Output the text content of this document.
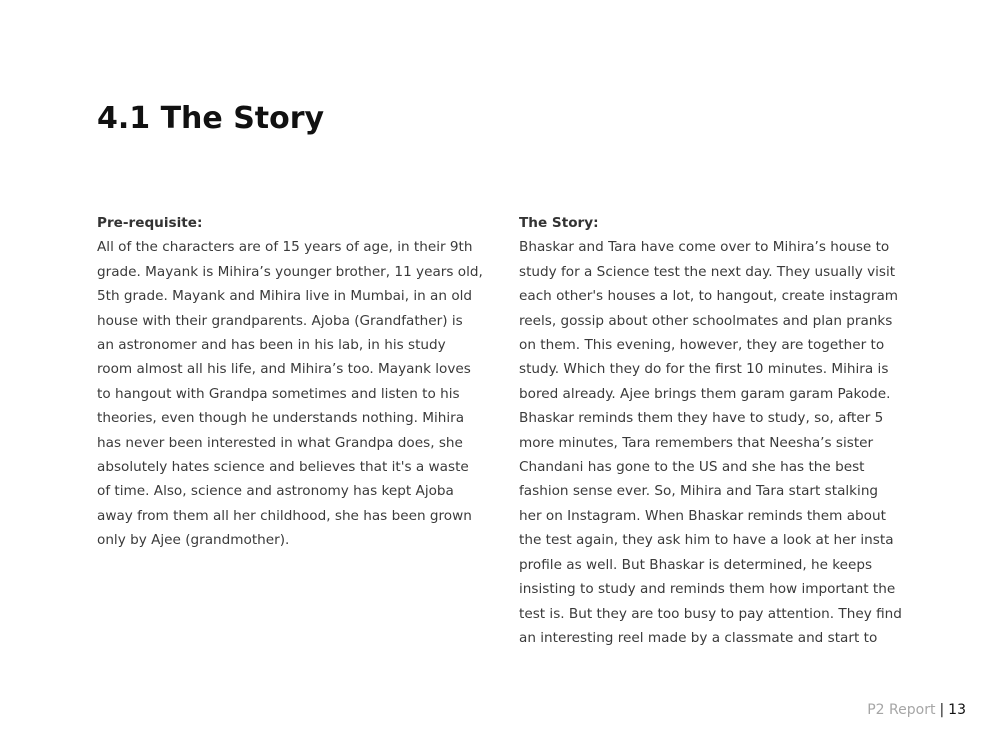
4.1 The Story
Pre-requisite:
All of the characters are of 15 years of age, in their 9th
grade. Mayank is Mihira’s younger brother, 11 years old,
5th grade. Mayank and Mihira live in Mumbai, in an old
house with their grandparents. Ajoba (Grandfather) is
an astronomer and has been in his lab, in his study
room almost all his life, and Mihira’s too. Mayank loves
to hangout with Grandpa sometimes and listen to his
theories, even though he understands nothing. Mihira
has never been interested in what Grandpa does, she
absolutely hates science and believes that it's a waste
of time. Also, science and astronomy has kept Ajoba
away from them all her childhood, she has been grown
only by Ajee (grandmother).
The Story:
Bhaskar and Tara have come over to Mihira’s house to
study for a Science test the next day. They usually visit
each other's houses a lot, to hangout, create instagram
reels, gossip about other schoolmates and plan pranks
on them. This evening, however, they are together to
study. Which they do for the first 10 minutes. Mihira is
bored already. Ajee brings them garam garam Pakode.
Bhaskar reminds them they have to study, so, after 5
more minutes, Tara remembers that Neesha’s sister
Chandani has gone to the US and she has the best
fashion sense ever. So, Mihira and Tara start stalking
her on Instagram. When Bhaskar reminds them about
the test again, they ask him to have a look at her insta
profile as well. But Bhaskar is determined, he keeps
insisting to study and reminds them how important the
test is. But they are too busy to pay attention. They find
an interesting reel made by a classmate and start to
P2 Report | 13
